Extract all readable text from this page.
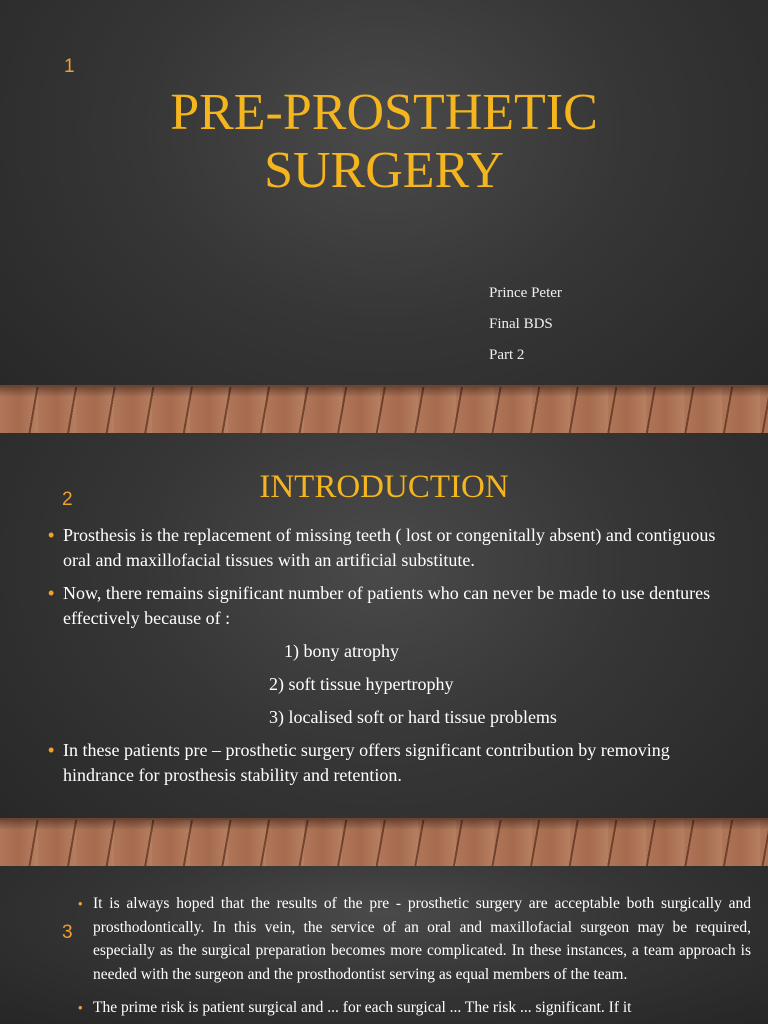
1
PRE-PROSTHETIC
SURGERY
Prince Peter
Final BDS
Part 2
2	INTRODUCTION
• Prosthesis is the replacement of missing teeth ( lost or congenitally absent) and contiguous oral and maxillofacial tissues with an artificial substitute.
• Now, there remains significant number of patients who can never be made to use dentures effectively because of :
1) bony atrophy
2) soft tissue hypertrophy
3) localised soft or hard tissue problems
• In these patients pre – prosthetic surgery offers significant contribution by removing hindrance for prosthesis stability and retention.
3
• It is always hoped that the results of the pre - prosthetic surgery are acceptable both surgically and prosthodontically. In this vein, the service of an oral and maxillofacial surgeon may be required, especially as the surgical preparation becomes more complicated. In these instances, a team approach is needed with the surgeon and the prosthodontist serving as equal members of the team.
• The prime risk is patient surgical and ... for each surgical ... The risk ... significant. If it
